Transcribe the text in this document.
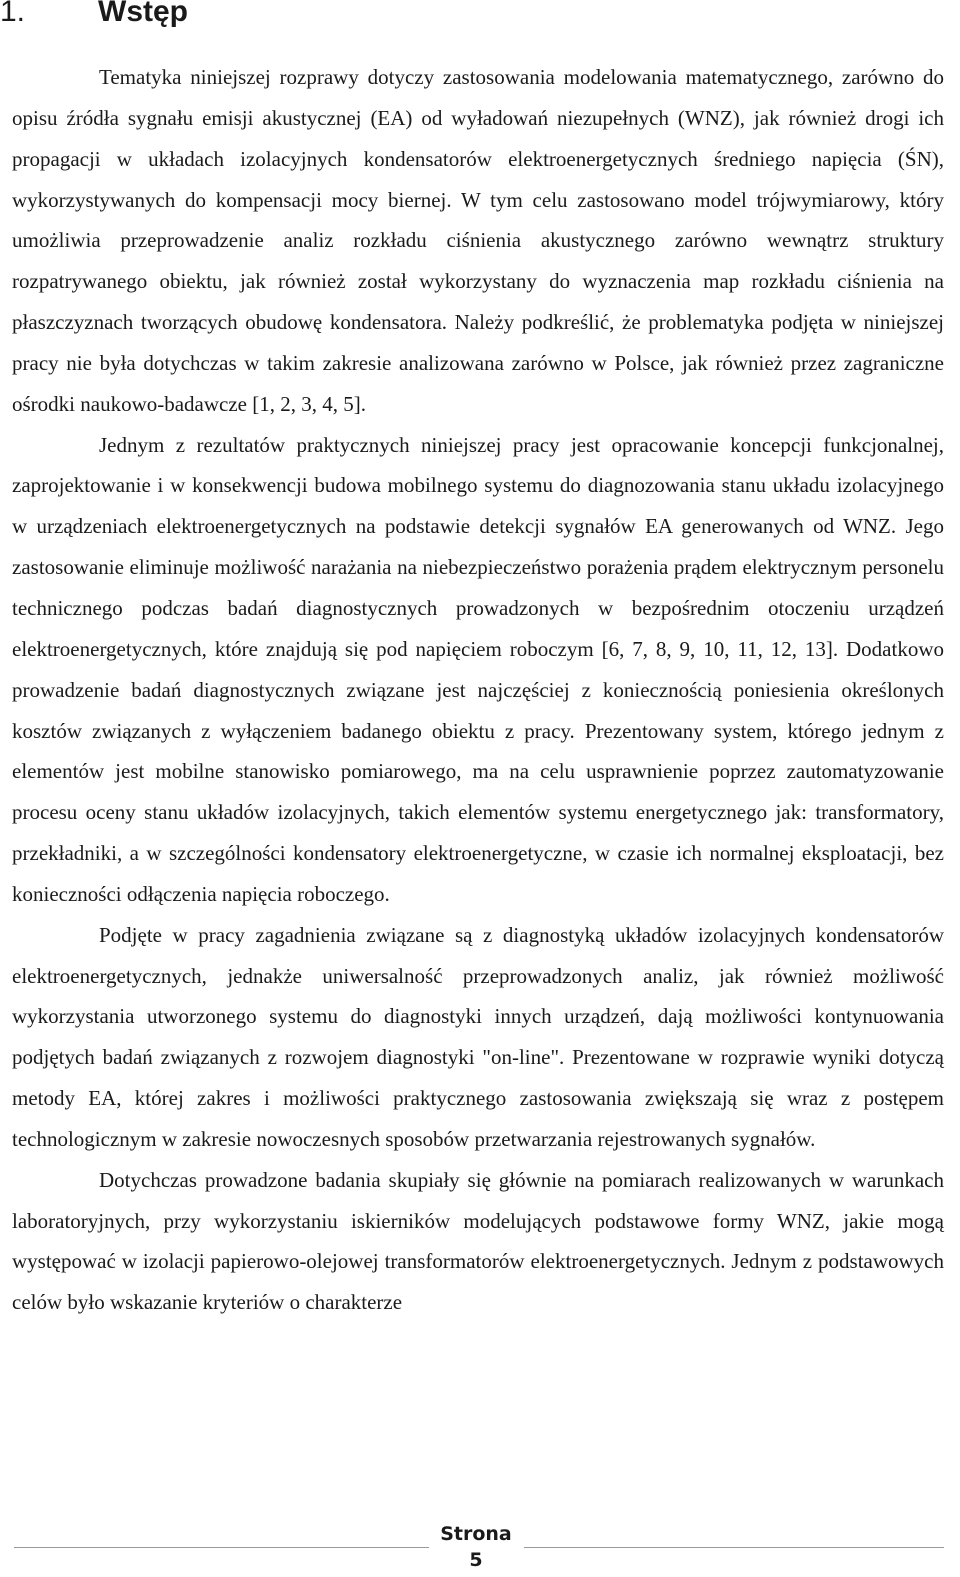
1. Wstęp

Tematyka niniejszej rozprawy dotyczy zastosowania modelowania matematycznego, zarówno do opisu źródła sygnału emisji akustycznej (EA) od wyładowań niezupełnych (WNZ), jak również drogi ich propagacji w układach izolacyjnych kondensatorów elektroenergetycznych średniego napięcia (ŚN), wykorzystywanych do kompensacji mocy biernej. W tym celu zastosowano model trójwymiarowy, który umożliwia przeprowadzenie analiz rozkładu ciśnienia akustycznego zarówno wewnątrz struktury rozpatrywanego obiektu, jak również został wykorzystany do wyznaczenia map rozkładu ciśnienia na płaszczyznach tworzących obudowę kondensatora. Należy podkreślić, że problematyka podjęta w niniejszej pracy nie była dotychczas w takim zakresie analizowana zarówno w Polsce, jak również przez zagraniczne ośrodki naukowo-badawcze [1, 2, 3, 4, 5].

Jednym z rezultatów praktycznych niniejszej pracy jest opracowanie koncepcji funkcjonalnej, zaprojektowanie i w konsekwencji budowa mobilnego systemu do diagnozowania stanu układu izolacyjnego w urządzeniach elektroenergetycznych na podstawie detekcji sygnałów EA generowanych od WNZ. Jego zastosowanie eliminuje możliwość narażania na niebezpieczeństwo porażenia prądem elektrycznym personelu technicznego podczas badań diagnostycznych prowadzonych w bezpośrednim otoczeniu urządzeń elektroenergetycznych, które znajdują się pod napięciem roboczym [6, 7, 8, 9, 10, 11, 12, 13]. Dodatkowo prowadzenie badań diagnostycznych związane jest najczęściej z koniecznością poniesienia określonych kosztów związanych z wyłączeniem badanego obiektu z pracy. Prezentowany system, którego jednym z elementów jest mobilne stanowisko pomiarowego, ma na celu usprawnienie poprzez zautomatyzowanie procesu oceny stanu układów izolacyjnych, takich elementów systemu energetycznego jak: transformatory, przekładniki, a w szczególności kondensatory elektroenergetyczne, w czasie ich normalnej eksploatacji, bez konieczności odłączenia napięcia roboczego.

Podjęte w pracy zagadnienia związane są z diagnostyką układów izolacyjnych kondensatorów elektroenergetycznych, jednakże uniwersalność przeprowadzonych analiz, jak również możliwość wykorzystania utworzonego systemu do diagnostyki innych urządzeń, dają możliwości kontynuowania podjętych badań związanych z rozwojem diagnostyki "on-line". Prezentowane w rozprawie wyniki dotyczą metody EA, której zakres i możliwości praktycznego zastosowania zwiększają się wraz z postępem technologicznym w zakresie nowoczesnych sposobów przetwarzania rejestrowanych sygnałów.

Dotychczas prowadzone badania skupiały się głównie na pomiarach realizowanych w warunkach laboratoryjnych, przy wykorzystaniu iskierników modelujących podstawowe formy WNZ, jakie mogą występować w izolacji papierowo-olejowej transformatorów elektroenergetycznych. Jednym z podstawowych celów było wskazanie kryteriów o charakterze

Strona
5
